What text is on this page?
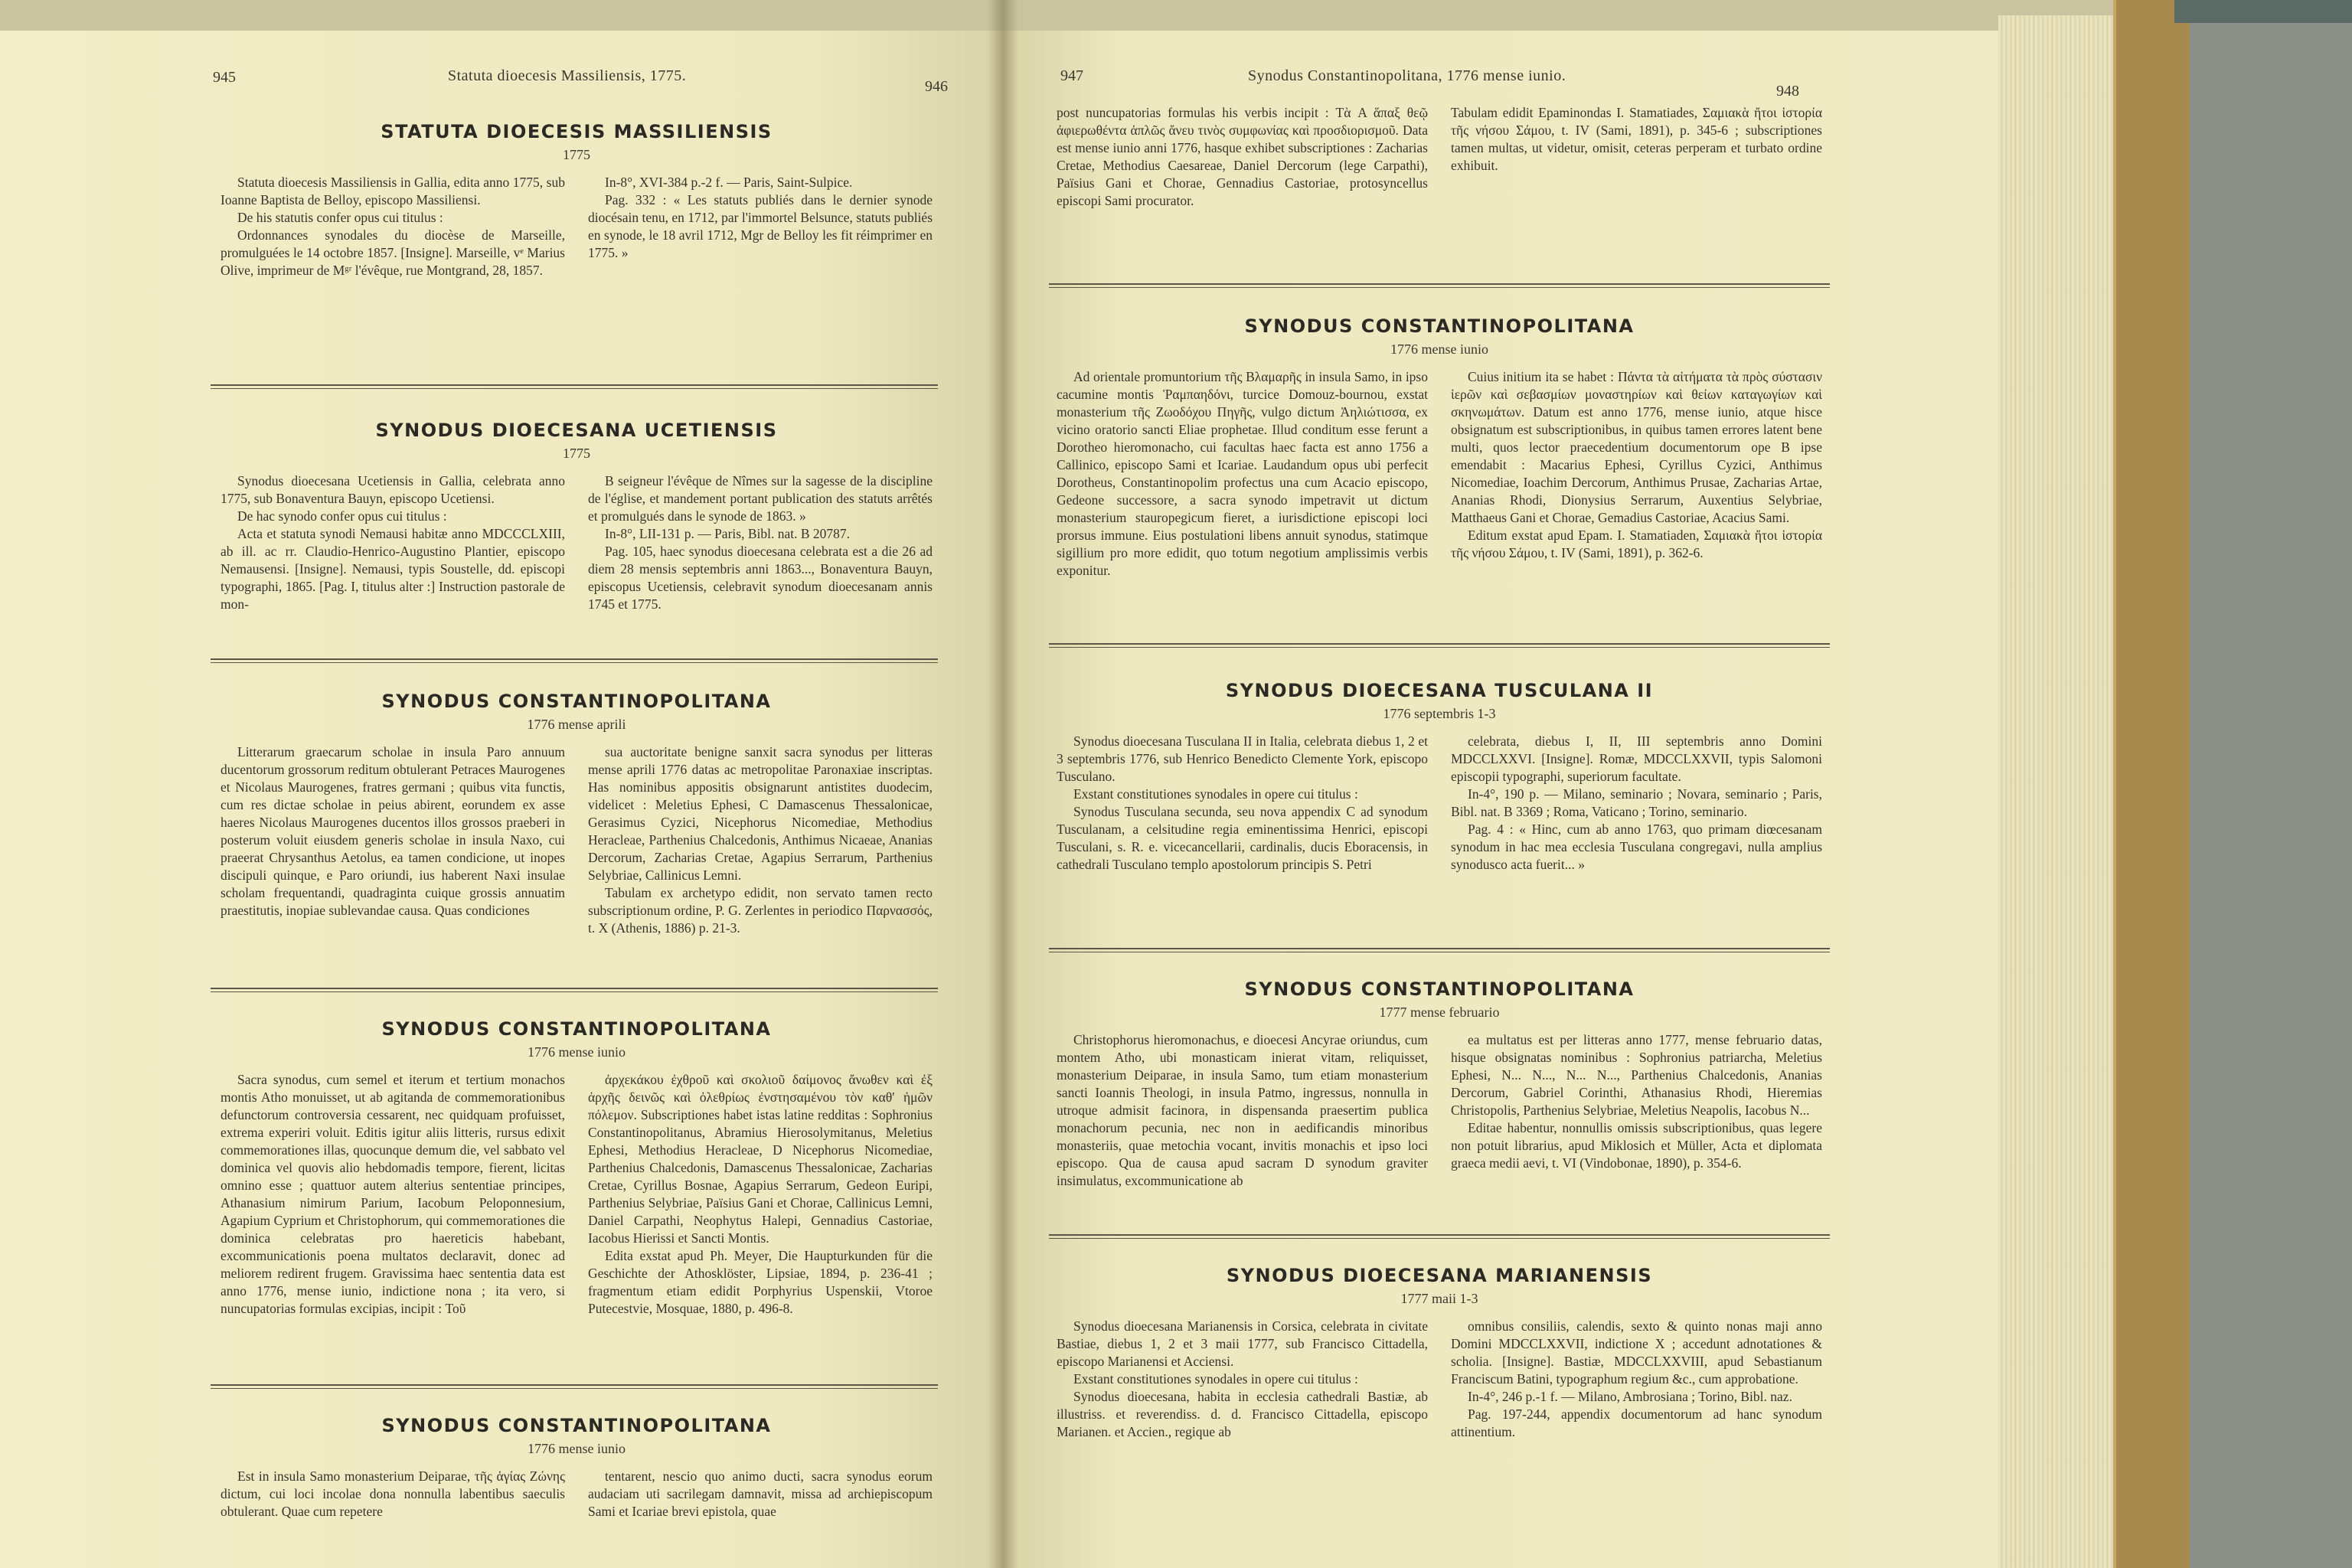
945	Statuta dioecesis Massiliensis, 1775.
946
STATUTA DIOECESIS MASSILIENSIS
1775

Statuta dioecesis Massiliensis in Gallia, edita anno 1775, sub Ioanne Baptista de Belloy, episcopo Massiliensi.

De his statutis confer opus cui titulus :

Ordonnances synodales du diocèse de Marseille, promulguées le 14 octobre 1857. [Insigne]. Marseille, vᵉ Marius Olive, imprimeur de Mᵍʳ l'évêque, rue Montgrand, 28, 1857.

In-8°, XVI-384 p.-2 f. — Paris, Saint-Sulpice.

Pag. 332 : « Les statuts publiés dans le dernier synode diocésain tenu, en 1712, par l'immortel Belsunce, statuts publiés en synode, le 18 avril 1712, Mgr de Belloy les fit réimprimer en 1775. »

SYNODUS DIOECESANA UCETIENSIS
1775

Synodus dioecesana Ucetiensis in Gallia, celebrata anno 1775, sub Bonaventura Bauyn, episcopo Ucetiensi.

De hac synodo confer opus cui titulus :

Acta et statuta synodi Nemausi habitæ anno MDCCCLXIII, ab ill. ac rr. Claudio-Henrico-Augustino Plantier, episcopo Nemausensi. [Insigne]. Nemausi, typis Soustelle, dd. episcopi typographi, 1865. [Pag. I, titulus alter :] Instruction pastorale de mon-

B seigneur l'évêque de Nîmes sur la sagesse de la discipline de l'église, et mandement portant publication des statuts arrêtés et promulgués dans le synode de 1863. »

In-8°, LII-131 p. — Paris, Bibl. nat. B 20787.

Pag. 105, haec synodus dioecesana celebrata est a die 26 ad diem 28 mensis septembris anni 1863..., Bonaventura Bauyn, episcopus Ucetiensis, celebravit synodum dioecesanam annis 1745 et 1775.

SYNODUS CONSTANTINOPOLITANA
1776 mense aprili

Litterarum graecarum scholae in insula Paro annuum ducentorum grossorum reditum obtulerant Petraces Maurogenes et Nicolaus Maurogenes, fratres germani ; quibus vita functis, cum res dictae scholae in peius abirent, eorundem ex asse haeres Nicolaus Maurogenes ducentos illos grossos praeberi in posterum voluit eiusdem generis scholae in insula Naxo, cui praeerat Chrysanthus Aetolus, ea tamen condicione, ut inopes discipuli quinque, e Paro oriundi, ius haberent Naxi insulae scholam frequentandi, quadraginta cuique grossis annuatim praestitutis, inopiae sublevandae causa. Quas condiciones

sua auctoritate benigne sanxit sacra synodus per litteras mense aprili 1776 datas ac metropolitae Paronaxiae inscriptas. Has nominibus appositis obsignarunt antistites duodecim, videlicet : Meletius Ephesi, C Damascenus Thessalonicae, Gerasimus Cyzici, Nicephorus Nicomediae, Methodius Heracleae, Parthenius Chalcedonis, Anthimus Nicaeae, Ananias Dercorum, Zacharias Cretae, Agapius Serrarum, Parthenius Selybriae, Callinicus Lemni.

Tabulam ex archetypo edidit, non servato tamen recto subscriptionum ordine, P. G. Zerlentes in periodico Παρνασσός, t. X (Athenis, 1886) p. 21-3.

SYNODUS CONSTANTINOPOLITANA
1776 mense iunio

Sacra synodus, cum semel et iterum et tertium monachos montis Atho monuisset, ut ab agitanda de commemorationibus defunctorum controversia cessarent, nec quidquam profuisset, extrema experiri voluit. Editis igitur aliis litteris, rursus edixit commemorationes illas, quocunque demum die, vel sabbato vel dominica vel quovis alio hebdomadis tempore, fierent, licitas omnino esse ; quattuor autem alterius sententiae principes, Athanasium nimirum Parium, Iacobum Peloponnesium, Agapium Cyprium et Christophorum, qui commemorationes die dominica celebratas pro haereticis habebant, excommunicationis poena multatos declaravit, donec ad meliorem redirent frugem. Gravissima haec sententia data est anno 1776, mense iunio, indictione nona ; ita vero, si nuncupatorias formulas excipias, incipit : Τοῦ

ἀρχεκάκου ἐχθροῦ καὶ σκολιοῦ δαίμονος ἄνωθεν καὶ ἐξ ἀρχῆς δεινῶς καὶ ὀλεθρίως ἐνστησαμένου τὸν καθ' ἡμῶν πόλεμον. Subscriptiones habet istas latine redditas : Sophronius Constantinopolitanus, Abramius Hierosolymitanus, Meletius Ephesi, Methodius Heracleae, D Nicephorus Nicomediae, Parthenius Chalcedonis, Damascenus Thessalonicae, Zacharias Cretae, Cyrillus Bosnae, Agapius Serrarum, Gedeon Euripi, Parthenius Selybriae, Païsius Gani et Chorae, Callinicus Lemni, Daniel Carpathi, Neophytus Halepi, Gennadius Castoriae, Iacobus Hierissi et Sancti Montis.

Edita exstat apud Ph. Meyer, Die Haupturkunden für die Geschichte der Athosklöster, Lipsiae, 1894, p. 236-41 ; fragmentum etiam edidit Porphyrius Uspenskii, Vtoroe Putecestvie, Mosquae, 1880, p. 496-8.

SYNODUS CONSTANTINOPOLITANA
1776 mense iunio

Est in insula Samo monasterium Deiparae, τῆς ἁγίας Ζώνης dictum, cui loci incolae dona nonnulla labentibus saeculis obtulerant. Quae cum repetere

tentarent, nescio quo animo ducti, sacra synodus eorum audaciam uti sacrilegam damnavit, missa ad archiepiscopum Sami et Icariae brevi epistola, quae

947	Synodus Constantinopolitana, 1776 mense iunio.
948

post nuncupatorias formulas his verbis incipit : Τὰ A ἅπαξ θεῷ ἀφιερωθέντα ἁπλῶς ἄνευ τινὸς συμφωνίας καὶ προσδιορισμοῦ. Data est mense iunio anni 1776, hasque exhibet subscriptiones : Zacharias Cretae, Methodius Caesareae, Daniel Dercorum (lege Carpathi), Païsius Gani et Chorae, Gennadius Castoriae, protosyncellus episcopi Sami procurator.

Tabulam edidit Epaminondas I. Stamatiades, Σαμιακὰ ἤτοι ἱστορία τῆς νήσου Σάμου, t. IV (Sami, 1891), p. 345-6 ; subscriptiones tamen multas, ut videtur, omisit, ceteras perperam et turbato ordine exhibuit.

SYNODUS CONSTANTINOPOLITANA
1776 mense iunio

Ad orientale promuntorium τῆς Βλαμαρῆς in insula Samo, in ipso cacumine montis Ῥαμπαηδόνι, turcice Domouz-bournou, exstat monasterium τῆς Ζωοδόχου Πηγῆς, vulgo dictum Ἀηλιώτισσα, ex vicino oratorio sancti Eliae prophetae. Illud conditum esse ferunt a Dorotheo hieromonacho, cui facultas haec facta est anno 1756 a Callinico, episcopo Sami et Icariae. Laudandum opus ubi perfecit Dorotheus, Constantinopolim profectus una cum Acacio episcopo, Gedeone successore, a sacra synodo impetravit ut dictum monasterium stauropegicum fieret, a iurisdictione episcopi loci prorsus immune. Eius postulationi libens annuit synodus, statimque sigillium pro more edidit, quo totum negotium amplissimis verbis exponitur.

Cuius initium ita se habet : Πάντα τὰ αἰτήματα τὰ πρὸς σύστασιν ἱερῶν καὶ σεβασμίων μοναστηρίων καὶ θείων καταγωγίων καὶ σκηνωμάτων. Datum est anno 1776, mense iunio, atque hisce obsignatum est subscriptionibus, in quibus tamen errores latent bene multi, quos lector praecedentium documentorum ope B ipse emendabit : Macarius Ephesi, Cyrillus Cyzici, Anthimus Nicomediae, Ioachim Dercorum, Anthimus Prusae, Zacharias Artae, Ananias Rhodi, Dionysius Serrarum, Auxentius Selybriae, Matthaeus Gani et Chorae, Gemadius Castoriae, Acacius Sami.

Editum exstat apud Epam. I. Stamatiaden, Σαμιακὰ ἤτοι ἱστορία τῆς νήσου Σάμου, t. IV (Sami, 1891), p. 362-6.

SYNODUS DIOECESANA TUSCULANA II
1776 septembris 1-3

Synodus dioecesana Tusculana II in Italia, celebrata diebus 1, 2 et 3 septembris 1776, sub Henrico Benedicto Clemente York, episcopo Tusculano.

Exstant constitutiones synodales in opere cui titulus :

Synodus Tusculana secunda, seu nova appendix C ad synodum Tusculanam, a celsitudine regia eminentissima Henrici, episcopi Tusculani, s. R. e. vicecancellarii, cardinalis, ducis Eboracensis, in cathedrali Tusculano templo apostolorum principis S. Petri

celebrata, diebus I, II, III septembris anno Domini MDCCLXXVI. [Insigne]. Romæ, MDCCLXXVII, typis Salomoni episcopii typographi, superiorum facultate.

In-4°, 190 p. — Milano, seminario ; Novara, seminario ; Paris, Bibl. nat. B 3369 ; Roma, Vaticano ; Torino, seminario.

Pag. 4 : « Hinc, cum ab anno 1763, quo primam diœcesanam synodum in hac mea ecclesia Tusculana congregavi, nulla amplius synodusco acta fuerit... »

SYNODUS CONSTANTINOPOLITANA
1777 mense februario

Christophorus hieromonachus, e dioecesi Ancyrae oriundus, cum montem Atho, ubi monasticam inierat vitam, reliquisset, monasterium Deiparae, in insula Samo, tum etiam monasterium sancti Ioannis Theologi, in insula Patmo, ingressus, nonnulla in utroque admisit facinora, in dispensanda praesertim publica monachorum pecunia, nec non in aedificandis minoribus monasteriis, quae metochia vocant, invitis monachis et ipso loci episcopo. Qua de causa apud sacram D synodum graviter insimulatus, excommunicatione ab

ea multatus est per litteras anno 1777, mense februario datas, hisque obsignatas nominibus : Sophronius patriarcha, Meletius Ephesi, N... N..., N... N..., Parthenius Chalcedonis, Ananias Dercorum, Gabriel Corinthi, Athanasius Rhodi, Hieremias Christopolis, Parthenius Selybriae, Meletius Neapolis, Iacobus N...

Editae habentur, nonnullis omissis subscriptionibus, quas legere non potuit librarius, apud Miklosich et Müller, Acta et diplomata graeca medii aevi, t. VI (Vindobonae, 1890), p. 354-6.

SYNODUS DIOECESANA MARIANENSIS
1777 maii 1-3

Synodus dioecesana Marianensis in Corsica, celebrata in civitate Bastiae, diebus 1, 2 et 3 maii 1777, sub Francisco Cittadella, episcopo Marianensi et Acciensi.

Exstant constitutiones synodales in opere cui titulus :

Synodus dioecesana, habita in ecclesia cathedrali Bastiæ, ab illustriss. et reverendiss. d. d. Francisco Cittadella, episcopo Marianen. et Accien., regique ab

omnibus consiliis, calendis, sexto & quinto nonas maji anno Domini MDCCLXXVII, indictione X ; accedunt adnotationes & scholia. [Insigne]. Bastiæ, MDCCLXXVIII, apud Sebastianum Franciscum Batini, typographum regium &c., cum approbatione.

In-4°, 246 p.-1 f. — Milano, Ambrosiana ; Torino, Bibl. naz.

Pag. 197-244, appendix documentorum ad hanc synodum attinentium.
